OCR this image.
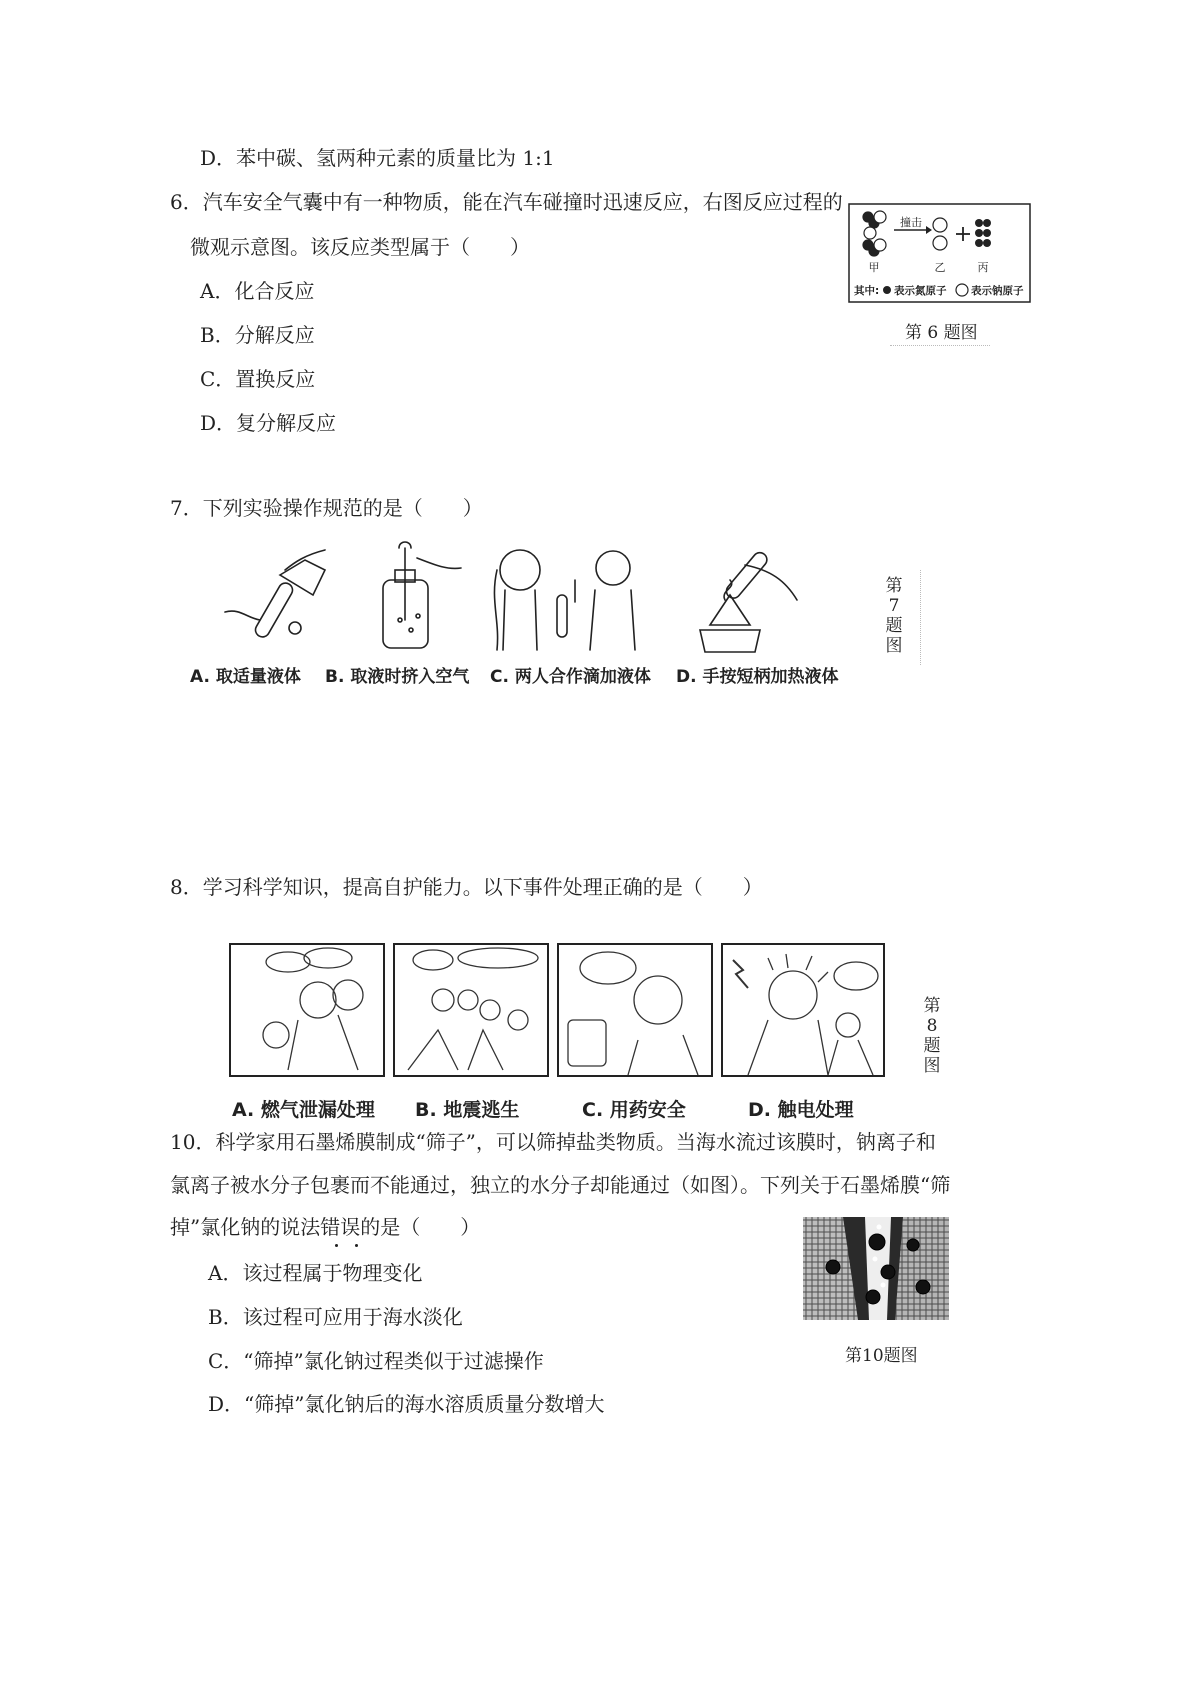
D．苯中碳、氢两种元素的质量比为 1:1
6．汽车安全气囊中有一种物质，能在汽车碰撞时迅速反应，右图反应过程的
微观示意图。该反应类型属于（　　）
A．化合反应
B．分解反应
C．置换反应
D．复分解反应
撞击
甲	乙	丙
其中: 表示氮原子 表示钠原子
第 6 题图
7．下列实验操作规范的是（　　）
A. 取适量液体 B. 取液时挤入空气 C. 两人合作滴加液体 D. 手按短柄加热液体
第
7
题
图
8．学习科学知识，提高自护能力。以下事件处理正确的是（　　）
A. 燃气泄漏处理 B. 地震逃生	C. 用药安全	D. 触电处理
第
8
题
图
10．科学家用石墨烯膜制成“筛子”，可以筛掉盐类物质。当海水流过该膜时，钠离子和
氯离子被水分子包裹而不能通过，独立的水分子却能通过（如图）。下列关于石墨烯膜“筛
掉”氯化钠的说法错误的是（　　）
A．该过程属于物理变化
B．该过程可应用于海水淡化
C．“筛掉”氯化钠过程类似于过滤操作
D．“筛掉”氯化钠后的海水溶质质量分数增大
第10题图
